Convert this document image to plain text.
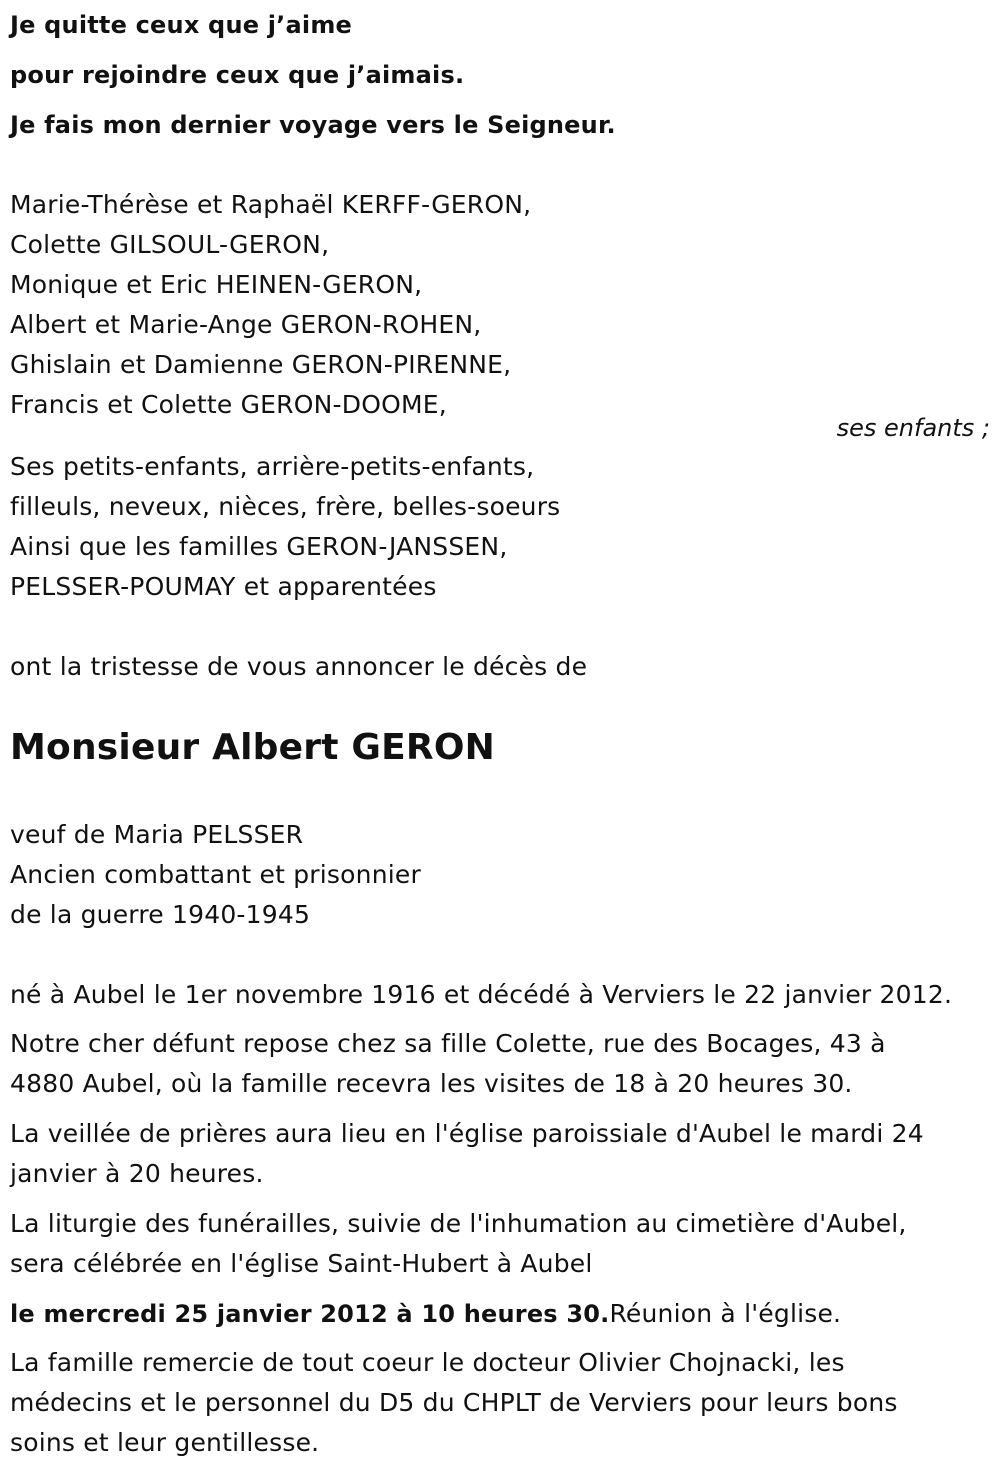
Je quitte ceux que j’aime
pour rejoindre ceux que j’aimais.
Je fais mon dernier voyage vers le Seigneur.
Marie-Thérèse et Raphaël KERFF-GERON,
Colette GILSOUL-GERON,
Monique et Eric HEINEN-GERON,
Albert et Marie-Ange GERON-ROHEN,
Ghislain et Damienne GERON-PIRENNE,
Francis et Colette GERON-DOOME,
ses enfants ;
Ses petits-enfants, arrière-petits-enfants,
filleuls, neveux, nièces, frère, belles-soeurs
Ainsi que les familles GERON-JANSSEN,
PELSSER-POUMAY et apparentées
ont la tristesse de vous annoncer le décès de
Monsieur Albert GERON
veuf de Maria PELSSER
Ancien combattant et prisonnier
de la guerre 1940-1945
né à Aubel le 1er novembre 1916 et décédé à Verviers le 22 janvier 2012.
Notre cher défunt repose chez sa fille Colette, rue des Bocages, 43 à
4880 Aubel, où la famille recevra les visites de 18 à 20 heures 30.
La veillée de prières aura lieu en l'église paroissiale d'Aubel le mardi 24
janvier à 20 heures.
La liturgie des funérailles, suivie de l'inhumation au cimetière d'Aubel,
sera célébrée en l'église Saint-Hubert à Aubel
le mercredi 25 janvier 2012 à 10 heures 30.Réunion à l'église.
La famille remercie de tout coeur le docteur Olivier Chojnacki, les
médecins et le personnel du D5 du CHPLT de Verviers pour leurs bons
soins et leur gentillesse.
